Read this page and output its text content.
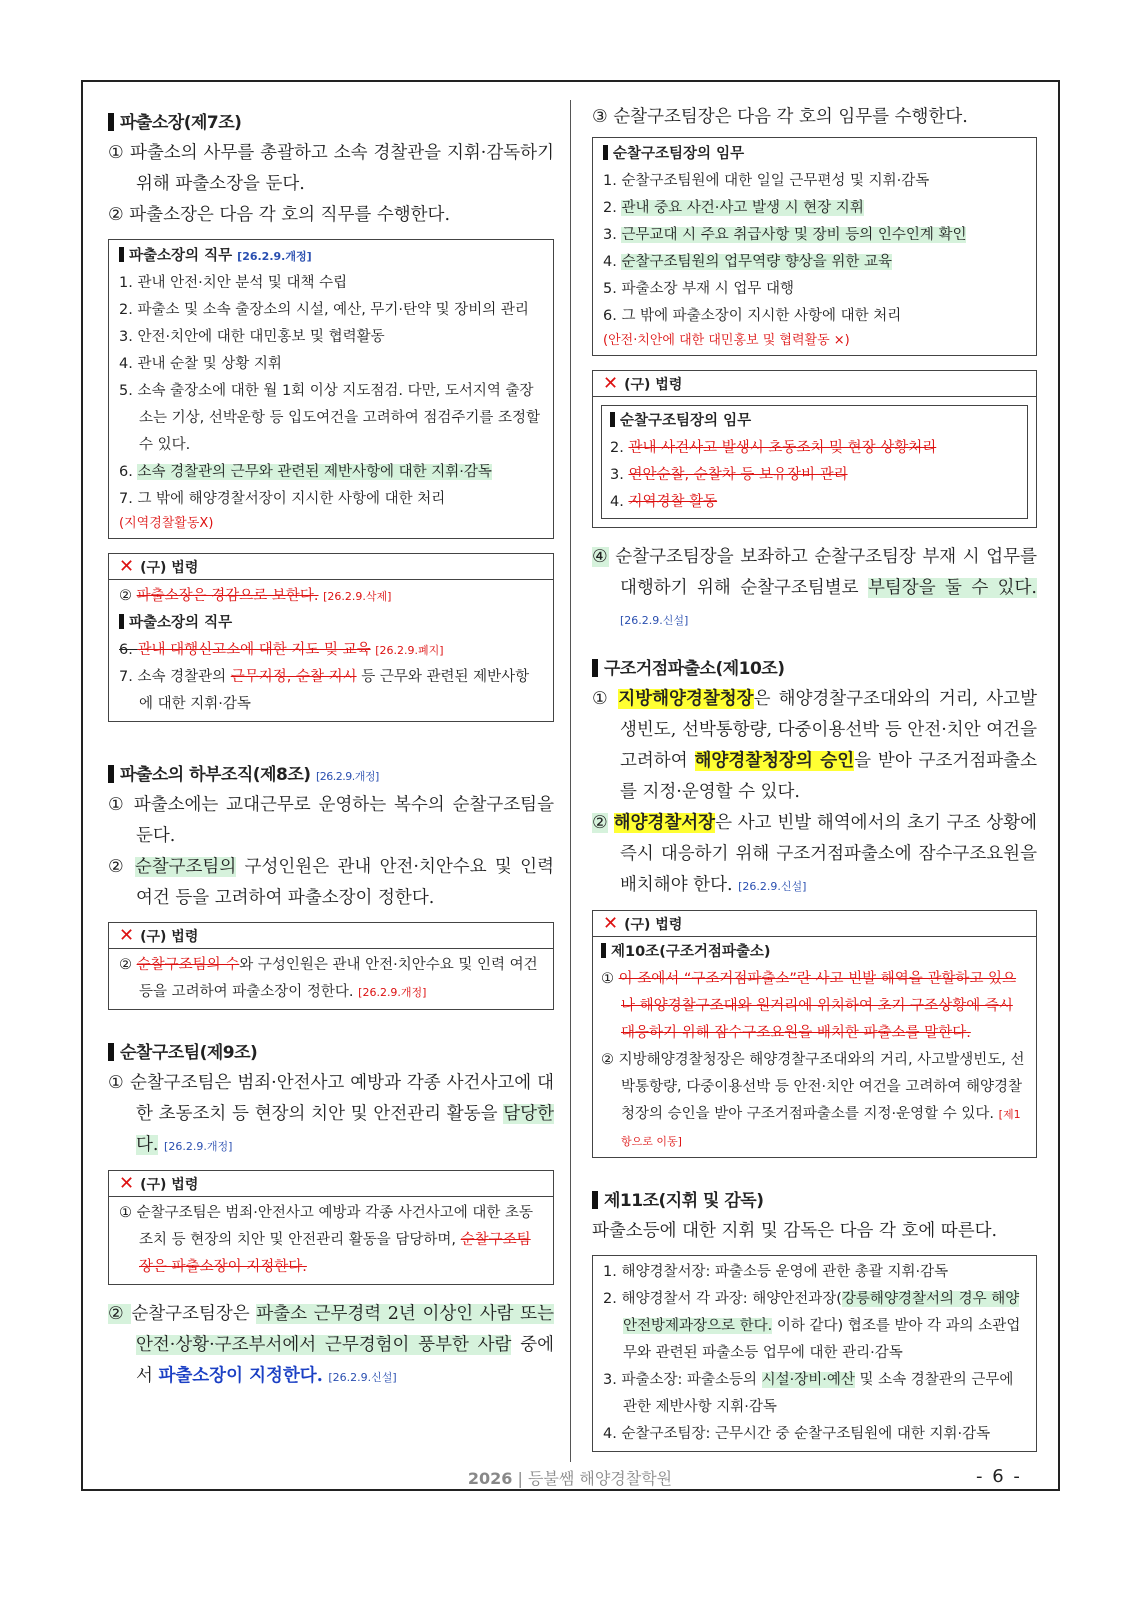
파출소장(제7조)
① 파출소의 사무를 총괄하고 소속 경찰관을 지휘·감독하기 위해 파출소장을 둔다.
② 파출소장은 다음 각 호의 직무를 수행한다.
파출소장의 직무 [26.2.9.개정]
1. 관내 안전·치안 분석 및 대책 수립
2. 파출소 및 소속 출장소의 시설, 예산, 무기·탄약 및 장비의 관리
3. 안전·치안에 대한 대민홍보 및 협력활동
4. 관내 순찰 및 상황 지휘
5. 소속 출장소에 대한 월 1회 이상 지도점검. 다만, 도서지역 출장소는 기상, 선박운항 등 입도여건을 고려하여 점검주기를 조정할 수 있다.
6. 소속 경찰관의 근무와 관련된 제반사항에 대한 지휘·감독
7. 그 밖에 해양경찰서장이 지시한 사항에 대한 처리
(지역경찰활동X)
✕ (구) 법령
② 파출소장은 경감으로 보한다. [26.2.9.삭제]
파출소장의 직무
6. 관내 대행신고소에 대한 지도 및 교육 [26.2.9.폐지]
7. 소속 경찰관의 근무지정, 순찰 지시 등 근무와 관련된 제반사항에 대한 지휘·감독
파출소의 하부조직(제8조) [26.2.9.개정]
① 파출소에는 교대근무로 운영하는 복수의 순찰구조팀을 둔다.
② 순찰구조팀의 구성인원은 관내 안전·치안수요 및 인력 여건 등을 고려하여 파출소장이 정한다.
✕ (구) 법령
② 순찰구조팀의 수와 구성인원은 관내 안전·치안수요 및 인력 여건 등을 고려하여 파출소장이 정한다. [26.2.9.개정]
순찰구조팀(제9조)
① 순찰구조팀은 범죄·안전사고 예방과 각종 사건사고에 대한 초동조치 등 현장의 치안 및 안전관리 활동을 담당한다. [26.2.9.개정]
✕ (구) 법령
① 순찰구조팀은 범죄·안전사고 예방과 각종 사건사고에 대한 초동조치 등 현장의 치안 및 안전관리 활동을 담당하며, 순찰구조팀장은 파출소장이 지정한다.
② 순찰구조팀장은 파출소 근무경력 2년 이상인 사람 또는 안전·상황·구조부서에서 근무경험이 풍부한 사람 중에서 파출소장이 지정한다. [26.2.9.신설]
③ 순찰구조팀장은 다음 각 호의 임무를 수행한다.
순찰구조팀장의 임무
1. 순찰구조팀원에 대한 일일 근무편성 및 지휘·감독
2. 관내 중요 사건·사고 발생 시 현장 지휘
3. 근무교대 시 주요 취급사항 및 장비 등의 인수인계 확인
4. 순찰구조팀원의 업무역량 향상을 위한 교육
5. 파출소장 부재 시 업무 대행
6. 그 밖에 파출소장이 지시한 사항에 대한 처리
(안전·치안에 대한 대민홍보 및 협력활동 ×)
✕ (구) 법령
순찰구조팀장의 임무
2. 관내 사건사고 발생시 초동조치 및 현장 상황처리
3. 연안순찰, 순찰차 등 보유장비 관리
4. 지역경찰 활동
④ 순찰구조팀장을 보좌하고 순찰구조팀장 부재 시 업무를 대행하기 위해 순찰구조팀별로 부팀장을 둘 수 있다. [26.2.9.신설]
구조거점파출소(제10조)
① 지방해양경찰청장은 해양경찰구조대와의 거리, 사고발생빈도, 선박통항량, 다중이용선박 등 안전·치안 여건을 고려하여 해양경찰청장의 승인을 받아 구조거점파출소를 지정·운영할 수 있다.
② 해양경찰서장은 사고 빈발 해역에서의 초기 구조 상황에 즉시 대응하기 위해 구조거점파출소에 잠수구조요원을 배치해야 한다. [26.2.9.신설]
✕ (구) 법령
제10조(구조거점파출소)
① 이 조에서 “구조거점파출소”란 사고 빈발 해역을 관할하고 있으나 해양경찰구조대와 원거리에 위치하여 초기 구조상황에 즉시 대응하기 위해 잠수구조요원을 배치한 파출소를 말한다.
② 지방해양경찰청장은 해양경찰구조대와의 거리, 사고발생빈도, 선박통항량, 다중이용선박 등 안전·치안 여건을 고려하여 해양경찰청장의 승인을 받아 구조거점파출소를 지정·운영할 수 있다. [제1항으로 이동]
제11조(지휘 및 감독)
파출소등에 대한 지휘 및 감독은 다음 각 호에 따른다.
1. 해양경찰서장: 파출소등 운영에 관한 총괄 지휘·감독
2. 해양경찰서 각 과장: 해양안전과장(강릉해양경찰서의 경우 해양안전방제과장으로 한다. 이하 같다) 협조를 받아 각 과의 소관업무와 관련된 파출소등 업무에 대한 관리·감독
3. 파출소장: 파출소등의 시설·장비·예산 및 소속 경찰관의 근무에 관한 제반사항 지휘·감독
4. 순찰구조팀장: 근무시간 중 순찰구조팀원에 대한 지휘·감독
2026 | 등불쌤 해양경찰학원	- 6 -
